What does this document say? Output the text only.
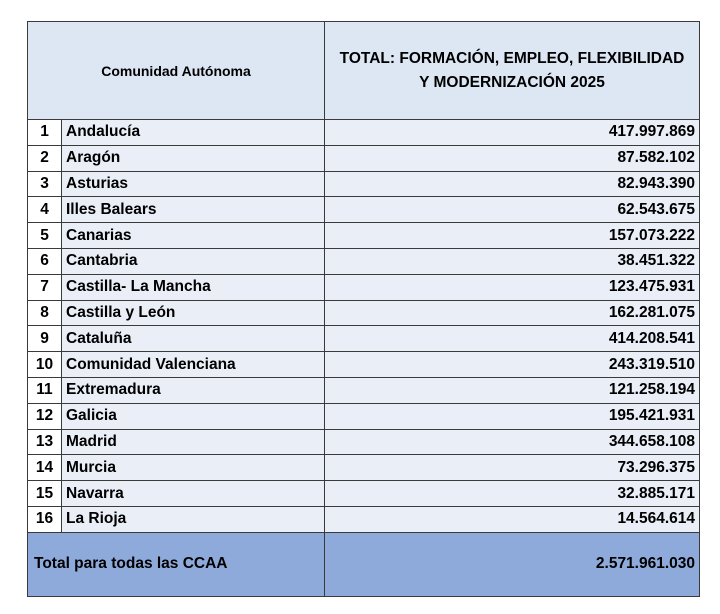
Comunidad Autónoma		TOTAL: FORMACIÓN, EMPLEO, FLEXIBILIDAD
Y MODERNIZACIÓN 2025

1	Andalucía	417.997.869
2	Aragón	87.582.102
3	Asturias	82.943.390
4	Illes Balears	62.543.675
5	Canarias	157.073.222
6	Cantabria	38.451.322
7	Castilla- La Mancha	123.475.931
8	Castilla y León	162.281.075
9	Cataluña	414.208.541
10	Comunidad Valenciana	243.319.510
11	Extremadura	121.258.194
12	Galicia	195.421.931
13	Madrid	344.658.108
14	Murcia	73.296.375
15	Navarra	32.885.171
16	La Rioja	14.564.614
Total para todas las CCAA		2.571.961.030
